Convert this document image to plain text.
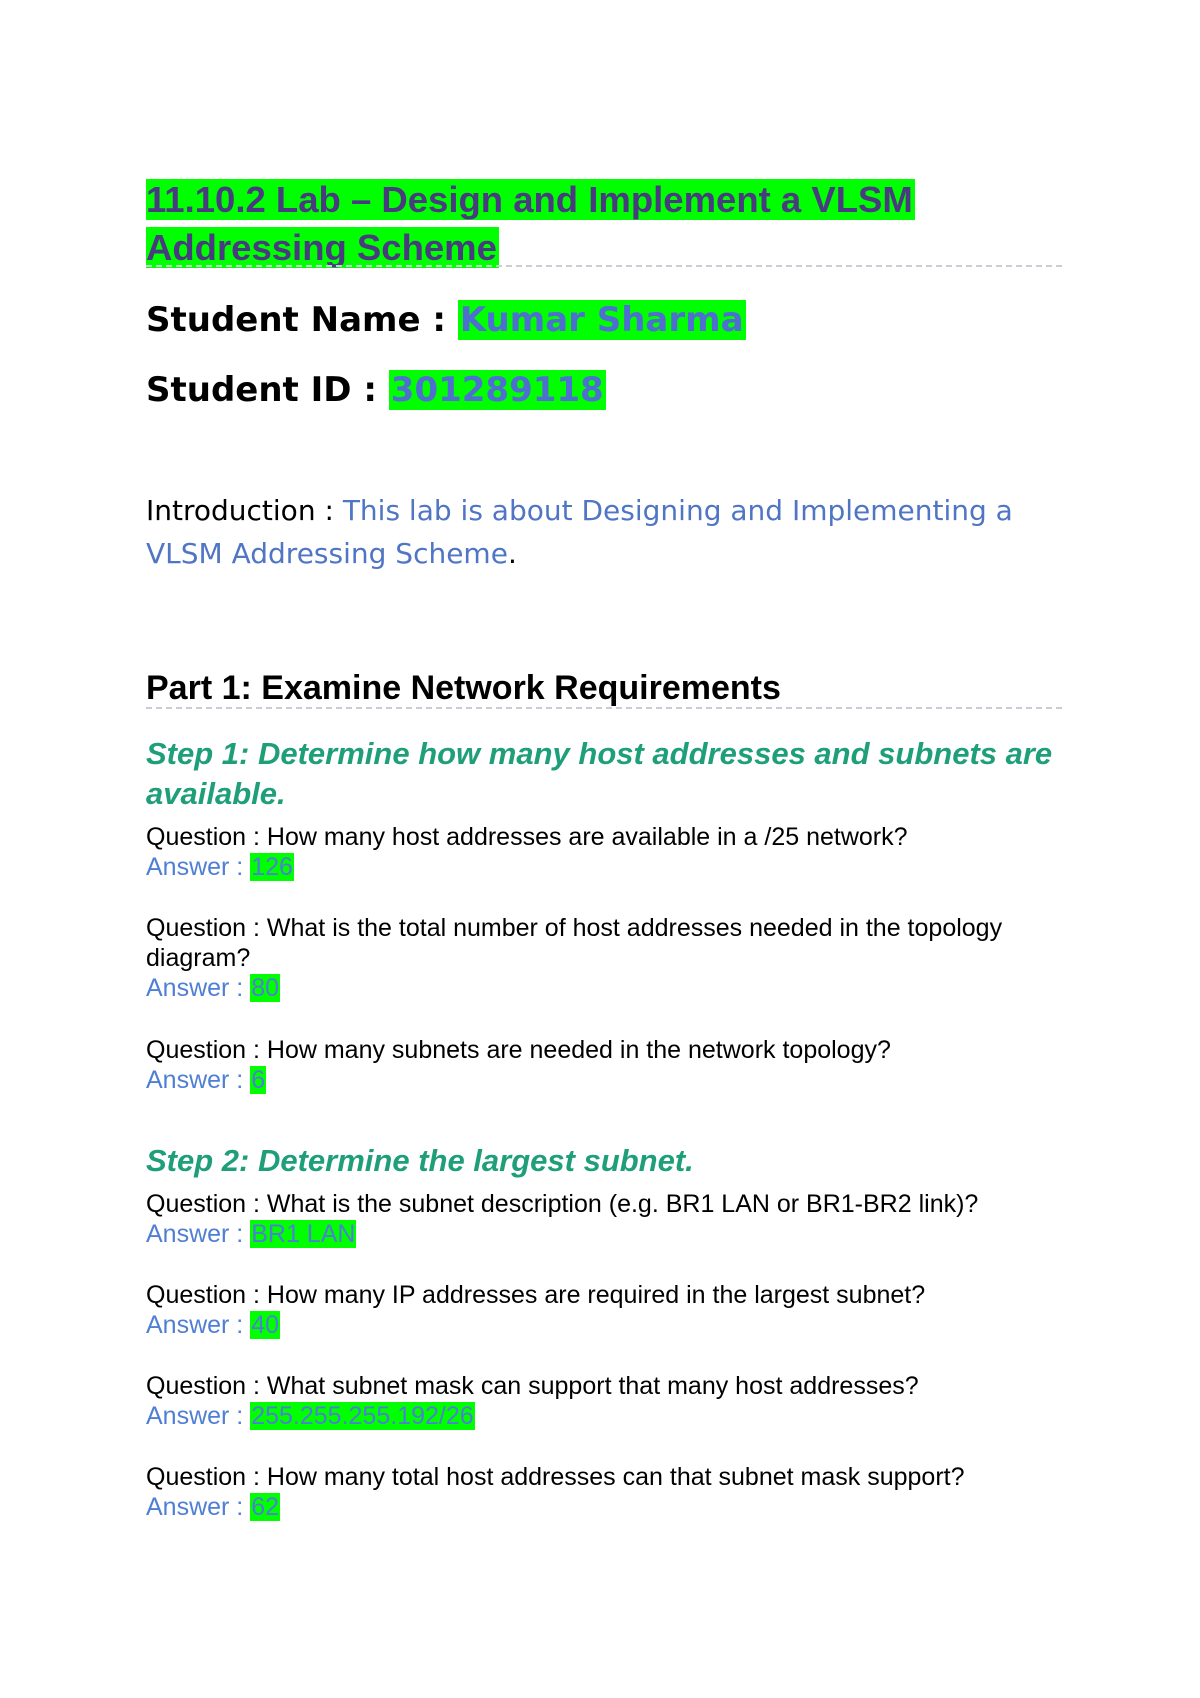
11.10.2 Lab – Design and Implement a VLSM
Addressing Scheme
Student Name : Kumar Sharma
Student ID : 301289118
Introduction : This lab is about Designing and Implementing a VLSM Addressing Scheme.
Part 1: Examine Network Requirements
Step 1: Determine how many host addresses and subnets are available.
Question : How many host addresses are available in a /25 network?
Answer : 126
Question : What is the total number of host addresses needed in the topology diagram?
Answer : 80
Question : How many subnets are needed in the network topology?
Answer : 6
Step 2: Determine the largest subnet.
Question : What is the subnet description (e.g. BR1 LAN or BR1-BR2 link)?
Answer : BR1 LAN
Question : How many IP addresses are required in the largest subnet?
Answer : 40
Question : What subnet mask can support that many host addresses?
Answer : 255.255.255.192/26
Question : How many total host addresses can that subnet mask support?
Answer : 62
